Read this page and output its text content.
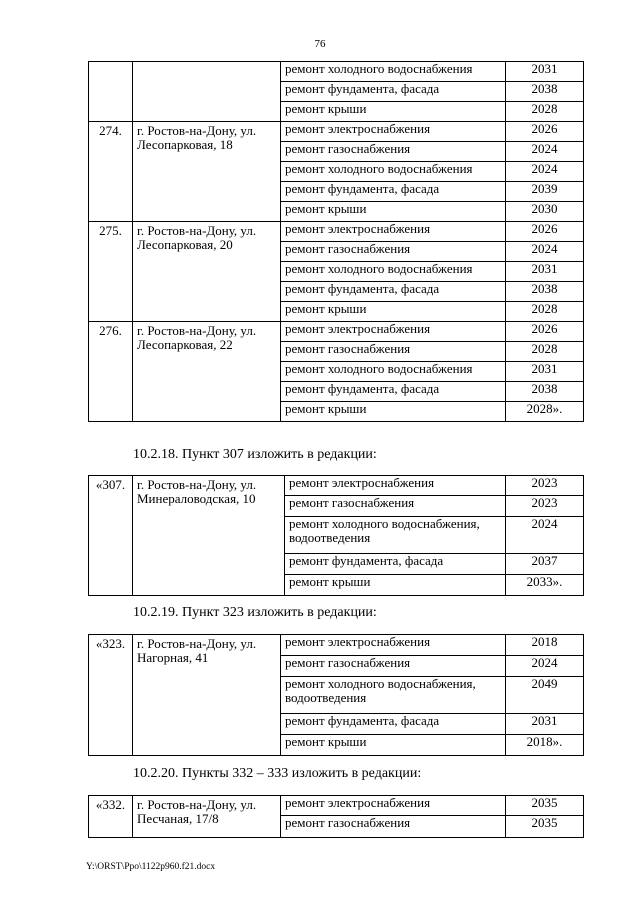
76
		ремонт холодного водоснабжения	2031
		ремонт фундамента, фасада	2038
		ремонт крыши	2028
274.	г. Ростов-на-Дону, ул. Лесопарковая, 18	ремонт электроснабжения	2026
		ремонт газоснабжения	2024
		ремонт холодного водоснабжения	2024
		ремонт фундамента, фасада	2039
		ремонт крыши	2030
275.	г. Ростов-на-Дону, ул. Лесопарковая, 20	ремонт электроснабжения	2026
		ремонт газоснабжения	2024
		ремонт холодного водоснабжения	2031
		ремонт фундамента, фасада	2038
		ремонт крыши	2028
276.	г. Ростов-на-Дону, ул. Лесопарковая, 22	ремонт электроснабжения	2026
		ремонт газоснабжения	2028
		ремонт холодного водоснабжения	2031
		ремонт фундамента, фасада	2038
		ремонт крыши	2028».
10.2.18. Пункт 307 изложить в редакции:
«307.	г. Ростов-на-Дону, ул. Минераловодская, 10	ремонт электроснабжения	2023
		ремонт газоснабжения	2023
		ремонт холодного водоснабжения, водоотведения	2024
		ремонт фундамента, фасада	2037
		ремонт крыши	2033».
10.2.19. Пункт 323 изложить в редакции:
«323.	г. Ростов-на-Дону, ул. Нагорная, 41	ремонт электроснабжения	2018
		ремонт газоснабжения	2024
		ремонт холодного водоснабжения, водоотведения	2049
		ремонт фундамента, фасада	2031
		ремонт крыши	2018».
10.2.20. Пункты 332 – 333 изложить в редакции:
«332.	г. Ростов-на-Дону, ул. Песчаная, 17/8	ремонт электроснабжения	2035
		ремонт газоснабжения	2035
Y:\ORST\Ppo\1122p960.f21.docx
